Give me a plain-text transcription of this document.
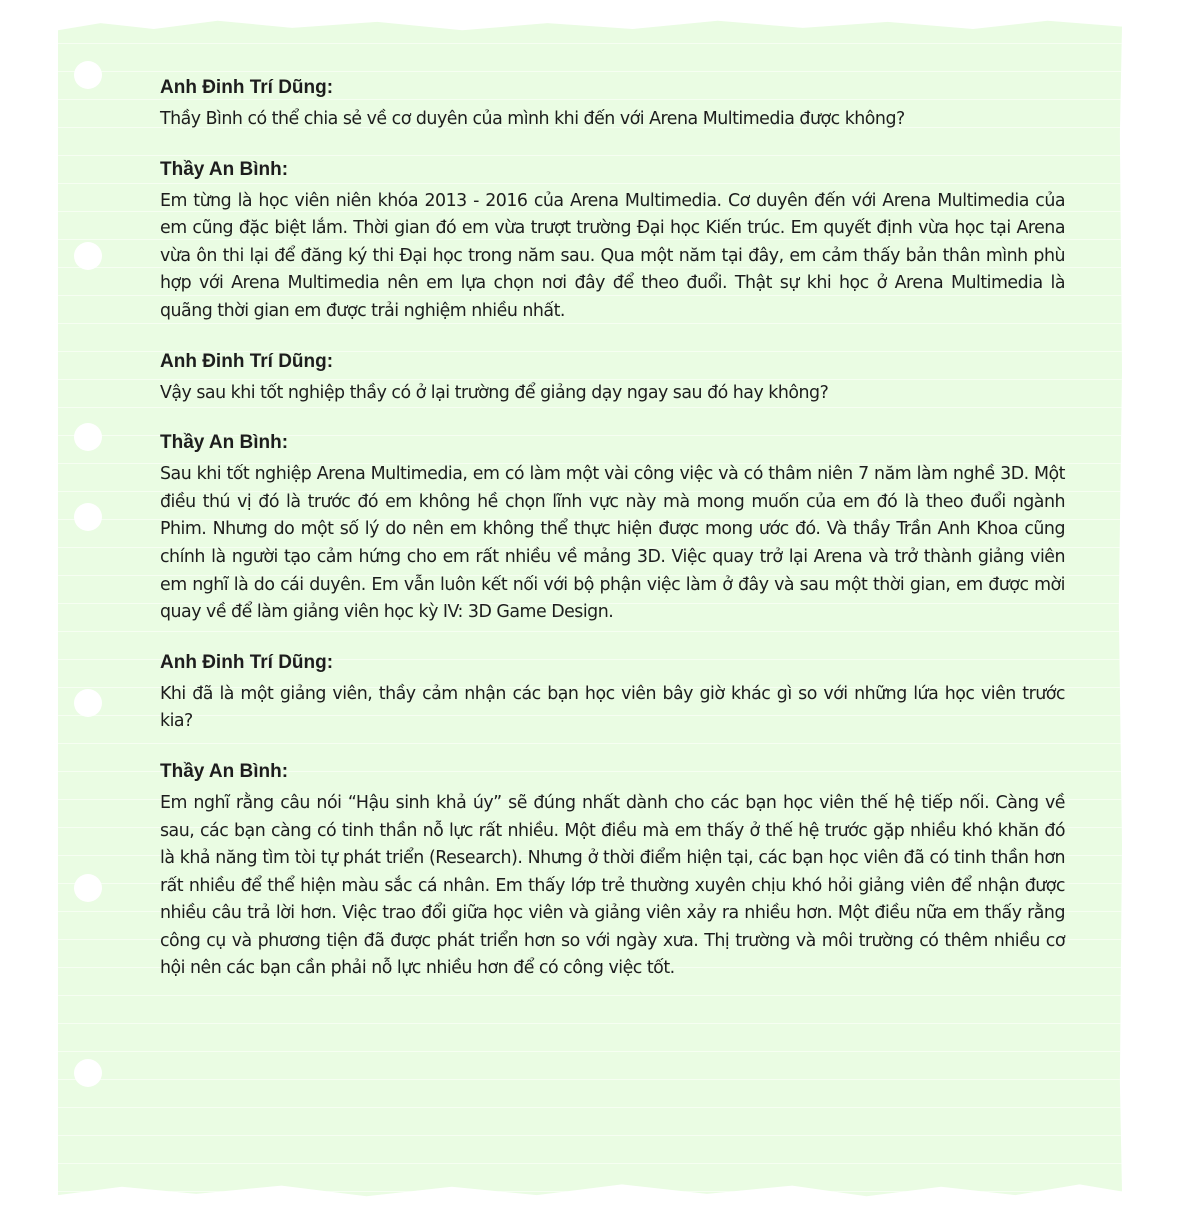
Anh Đinh Trí Dũng:

Thầy Bình có thể chia sẻ về cơ duyên của mình khi đến với Arena Multimedia được không?

Thầy An Bình:

Em từng là học viên niên khóa 2013 - 2016 của Arena Multimedia. Cơ duyên đến với Arena Multimedia của em cũng đặc biệt lắm. Thời gian đó em vừa trượt trường Đại học Kiến trúc. Em quyết định vừa học tại Arena vừa ôn thi lại để đăng ký thi Đại học trong năm sau. Qua một năm tại đây, em cảm thấy bản thân mình phù hợp với Arena Multimedia nên em lựa chọn nơi đây để theo đuổi. Thật sự khi học ở Arena Multimedia là quãng thời gian em được trải nghiệm nhiều nhất.

Anh Đinh Trí Dũng:

Vậy sau khi tốt nghiệp thầy có ở lại trường để giảng dạy ngay sau đó hay không?

Thầy An Bình:

Sau khi tốt nghiệp Arena Multimedia, em có làm một vài công việc và có thâm niên 7 năm làm nghề 3D. Một điều thú vị đó là trước đó em không hề chọn lĩnh vực này mà mong muốn của em đó là theo đuổi ngành Phim. Nhưng do một số lý do nên em không thể thực hiện được mong ước đó. Và thầy Trần Anh Khoa cũng chính là người tạo cảm hứng cho em rất nhiều về mảng 3D. Việc quay trở lại Arena và trở thành giảng viên em nghĩ là do cái duyên. Em vẫn luôn kết nối với bộ phận việc làm ở đây và sau một thời gian, em được mời quay về để làm giảng viên học kỳ IV: 3D Game Design.

Anh Đinh Trí Dũng:

Khi đã là một giảng viên, thầy cảm nhận các bạn học viên bây giờ khác gì so với những lứa học viên trước kia?

Thầy An Bình:

Em nghĩ rằng câu nói “Hậu sinh khả úy” sẽ đúng nhất dành cho các bạn học viên thế hệ tiếp nối. Càng về sau, các bạn càng có tinh thần nỗ lực rất nhiều. Một điều mà em thấy ở thế hệ trước gặp nhiều khó khăn đó là khả năng tìm tòi tự phát triển (Research). Nhưng ở thời điểm hiện tại, các bạn học viên đã có tinh thần hơn rất nhiều để thể hiện màu sắc cá nhân. Em thấy lớp trẻ thường xuyên chịu khó hỏi giảng viên để nhận được nhiều câu trả lời hơn. Việc trao đổi giữa học viên và giảng viên xảy ra nhiều hơn. Một điều nữa em thấy rằng công cụ và phương tiện đã được phát triển hơn so với ngày xưa. Thị trường và môi trường có thêm nhiều cơ hội nên các bạn cần phải nỗ lực nhiều hơn để có công việc tốt.
